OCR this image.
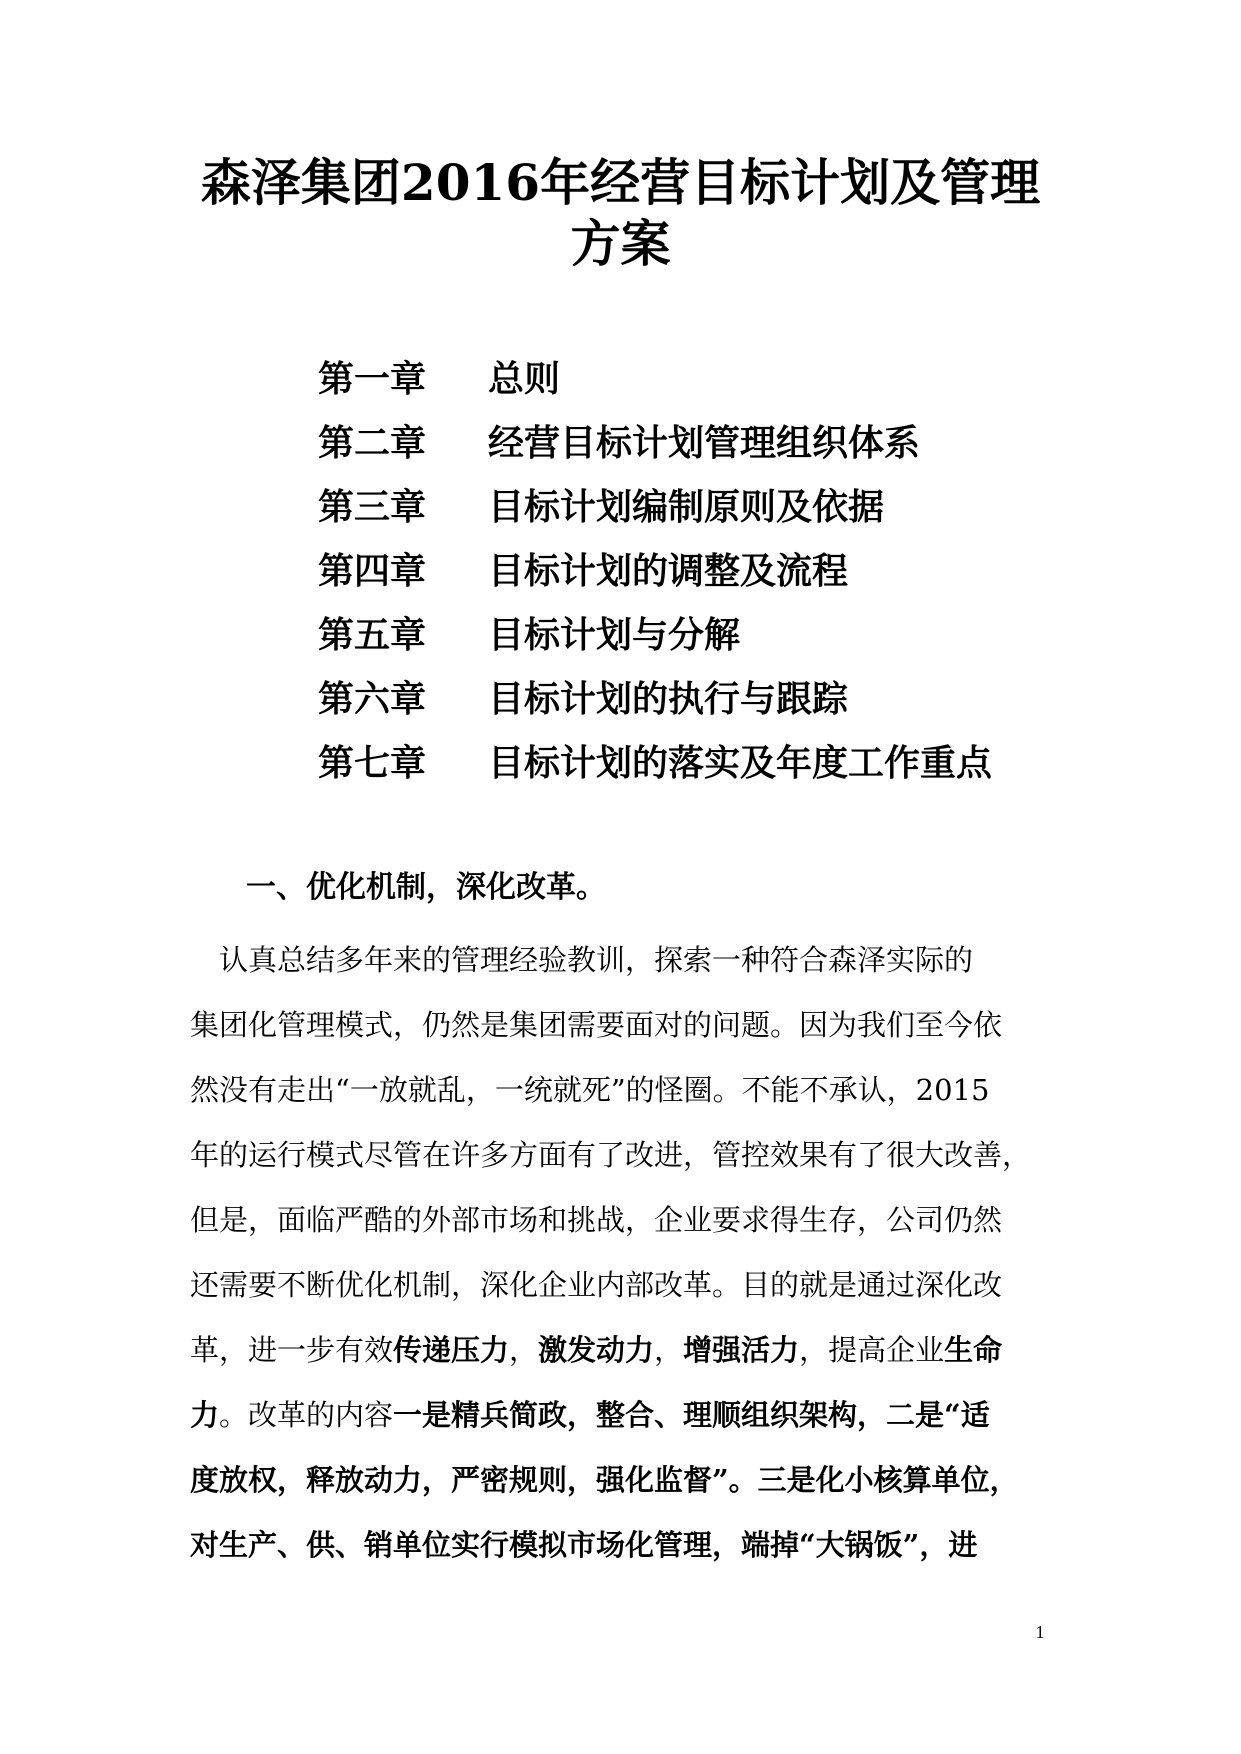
森泽集团2016年经营目标计划及管理
方案
第一章 总则
第二章 经营目标计划管理组织体系
第三章 目标计划编制原则及依据
第四章 目标计划的调整及流程
第五章 目标计划与分解
第六章 目标计划的执行与跟踪
第七章 目标计划的落实及年度工作重点
一、优化机制，深化改革。
　认真总结多年来的管理经验教训，探索一种符合森泽实际的
集团化管理模式，仍然是集团需要面对的问题。因为我们至今依
然没有走出“一放就乱，一统就死”的怪圈。不能不承认，2015
年的运行模式尽管在许多方面有了改进，管控效果有了很大改善，
但是，面临严酷的外部市场和挑战，企业要求得生存，公司仍然
还需要不断优化机制，深化企业内部改革。目的就是通过深化改
革，进一步有效传递压力，激发动力，增强活力，提高企业生命
力。改革的内容一是精兵简政，整合、理顺组织架构，二是“适
度放权，释放动力，严密规则，强化监督”。三是化小核算单位，
对生产、供、销单位实行模拟市场化管理，端掉“大锅饭”，进
1
